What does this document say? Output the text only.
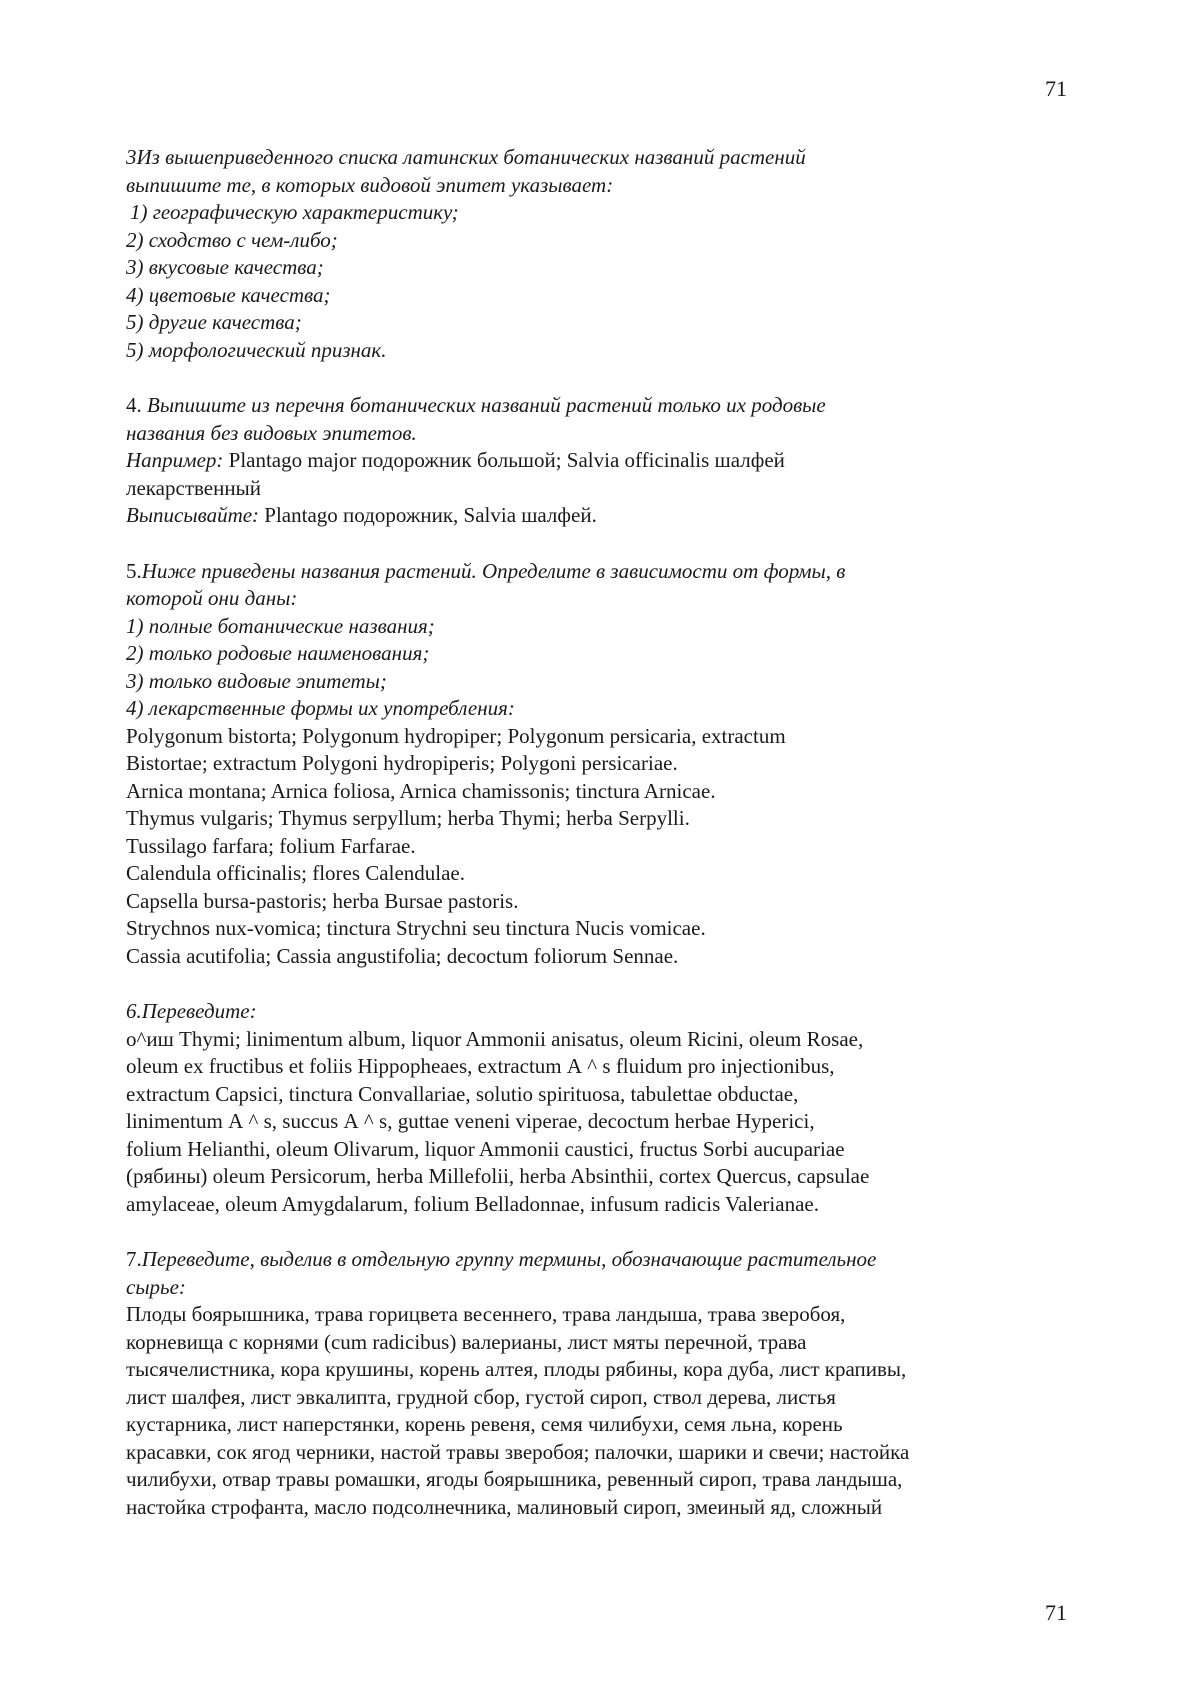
71
3Из вышеприведенного списка латинских ботанических названий растений
выпишите те, в которых видовой эпитет указывает:
1) географическую характеристику;
2) сходство с чем-либо;
3) вкусовые качества;
4) цветовые качества;
5) другие качества;
5) морфологический признак.
4. Выпишите из перечня ботанических названий растений только их родовые
названия без видовых эпитетов.
Например: Plantago major подорожник большой; Salvia officinalis шалфей
лекарственный
Выписывайте: Plantago подорожник, Salvia шалфей.
5.Ниже приведены названия растений. Определите в зависимости от формы, в
которой они даны:
1) полные ботанические названия;
2) только родовые наименования;
3) только видовые эпитеты;
4) лекарственные формы их употребления:
Polygonum bistorta; Polygonum hydropiper; Polygonum persicaria, extractum
Bistortae; extractum Polygoni hydropiperis; Polygoni persicariae.
Arnica montana; Arnica foliosa, Arnica chamissonis; tinctura Arnicae.
Thymus vulgaris; Thymus serpyllum; herba Thymi; herba Serpylli.
Tussilago farfara; folium Farfarae.
Calendula officinalis; flores Calendulae.
Capsella bursa-pastoris; herba Bursae pastoris.
Strychnos nux-vomica; tinctura Strychni seu tinctura Nucis vomicae.
Cassia acutifolia; Cassia angustifolia; decoctum foliorum Sennae.
6.Переведите:
о^иш Thymi; linimentum album, liquor Ammonii anisatus, oleum Ricini, oleum Rosae,
oleum ex fructibus et foliis Hippopheaes, extractum А ^ s fluidum pro injectionibus,
extractum Capsici, tinctura Convallariae, solutio spirituosa, tabulettae obductae,
linimentum А ^ s, succus А ^ s, guttae veneni viperae, decoctum herbae Hyperici,
folium Helianthi, oleum Olivarum, liquor Ammonii caustici, fructus Sorbi aucupariae
(рябины) oleum Persicorum, herba Millefolii, herba Absinthii, cortex Quercus, capsulae
amylaceae, oleum Amygdalarum, folium Belladonnae, infusum radicis Valerianae.
7.Переведите, выделив в отдельную группу термины, обозначающие растительное
сырье:
Плоды боярышника, трава горицвета весеннего, трава ландыша, трава зверобоя,
корневища с корнями (cum radicibus) валерианы, лист мяты перечной, трава
тысячелистника, кора крушины, корень алтея, плоды рябины, кора дуба, лист крапивы,
лист шалфея, лист эвкалипта, грудной сбор, густой сироп, ствол дерева, листья
кустарника, лист наперстянки, корень ревеня, семя чилибухи, семя льна, корень
красавки, сок ягод черники, настой травы зверобоя; палочки, шарики и свечи; настойка
чилибухи, отвар травы ромашки, ягоды боярышника, ревенный сироп, трава ландыша,
настойка строфанта, масло подсолнечника, малиновый сироп, змеиный яд, сложный
71
